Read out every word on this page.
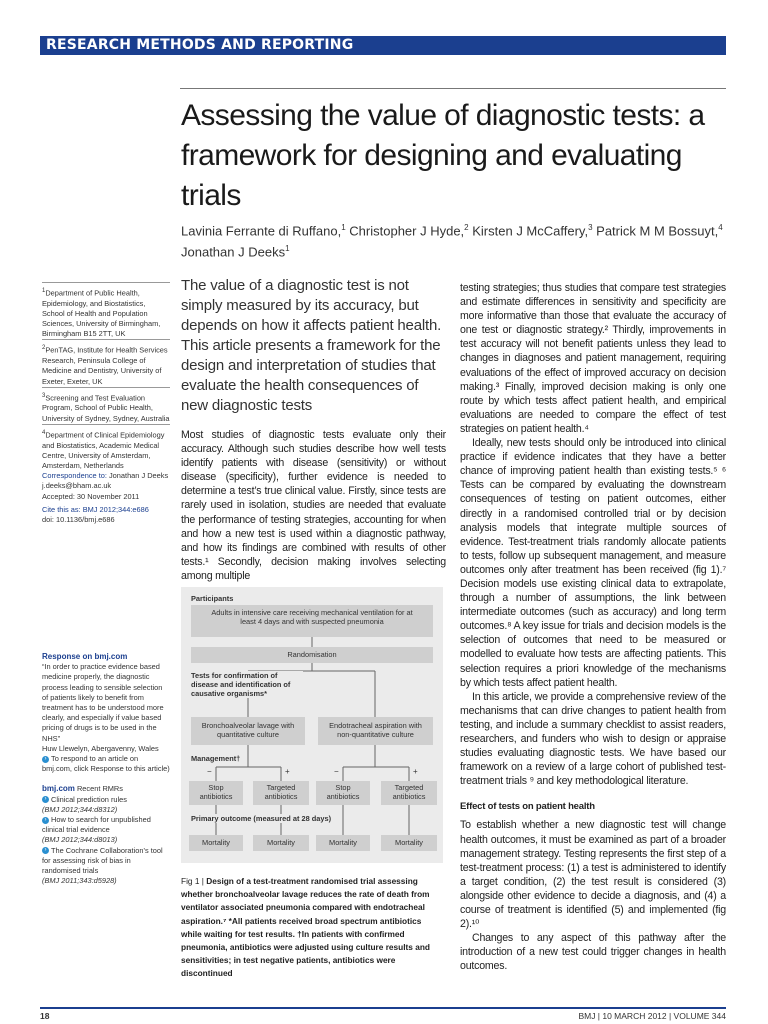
RESEARCH METHODS AND REPORTING
Assessing the value of diagnostic tests: a framework for designing and evaluating trials
Lavinia Ferrante di Ruffano,$^1$ Christopher J Hyde,$^2$ Kirsten J McCaffery,$^3$ Patrick M M Bossuyt,$^4$
Jonathan J Deeks$^1$

$^1$Department of Public Health, Epidemiology, and Biostatistics, School of Health and Population Sciences, University of Birmingham, Birmingham B15 2TT, UK

$^2$PenTAG, Institute for Health Services Research, Peninsula College of Medicine and Dentistry, University of Exeter, Exeter, UK

$^3$Screening and Test Evaluation Program, School of Public Health, University of Sydney, Sydney, Australia

$^4$Department of Clinical Epidemiology and Biostatistics, Academic Medical Centre, University of Amsterdam, Amsterdam, Netherlands

Correspondence to: Jonathan J Deeks j.deeks@bham.ac.uk

Accepted: 30 November 2011

Cite this as: BMJ 2012;344:e686

doi: 10.1136/bmj.e686

Response on bmj.com

“In order to practice evidence based medicine properly, the diagnostic process leading to sensible selection of patients likely to benefit from treatment has to be understood more clearly, and especially if value based pricing of drugs is to be used in the NHS”

Huw Llewelyn, Abergavenny, Wales

› To respond to an article on bmj.com, click Response to this article)

bmj.com Recent RMRs

› Clinical prediction rules
(BMJ 2012;344:d8312)

› How to search for unpublished clinical trial evidence
(BMJ 2012;344:d8013)

› The Cochrane Collaboration’s tool for assessing risk of bias in randomised trials
(BMJ 2011;343:d5928)

The value of a diagnostic test is not simply measured by its accuracy, but depends on how it affects patient health. This article presents a framework for the design and interpretation of studies that evaluate the health consequences of new diagnostic tests

Most studies of diagnostic tests evaluate only their accuracy. Although such studies describe how well tests identify patients with disease (sensitivity) or without disease (specificity), further evidence is needed to determine a test’s true clinical value. Firstly, since tests are rarely used in isolation, studies are needed that evaluate the performance of testing strategies, accounting for when and how a new test is used within a diagnostic pathway, and how its findings are combined with results of other tests.¹ Secondly, decision making involves selecting among multiple

Participants
Adults in intensive care receiving mechanical ventilation for at least 4 days and with suspected pneumonia
Randomisation
Tests for confirmation of disease and identification of causative organisms*
Bronchoalveolar lavage with quantitative culture
Endotracheal aspiration with non-quantitative culture
Management†
−	+	−	+
Stop antibiotics
Targeted antibiotics
Stop antibiotics
Targeted antibiotics
Primary outcome (measured at 28 days)
Mortality	Mortality	Mortality	Mortality
Fig 1 | Design of a test-treatment randomised trial assessing whether bronchoalveolar lavage reduces the rate of death from ventilator associated pneumonia compared with endotracheal aspiration.⁷ *All patients received broad spectrum antibiotics while waiting for test results. †In patients with confirmed pneumonia, antibiotics were adjusted using culture results and sensitivities; in test negative patients, antibiotics were discontinued

testing strategies; thus studies that compare test strategies and estimate differences in sensitivity and specificity are more informative than those that evaluate the accuracy of one test or diagnostic strategy.² Thirdly, improvements in test accuracy will not benefit patients unless they lead to changes in diagnoses and patient management, requiring evaluations of the effect of improved accuracy on decision making.³ Finally, improved decision making is only one route by which tests affect patient health, and empirical evaluations are needed to compare the effect of test strategies on patient health.⁴

Ideally, new tests should only be introduced into clinical practice if evidence indicates that they have a better chance of improving patient health than existing tests.⁵ ⁶ Tests can be compared by evaluating the downstream consequences of testing on patient outcomes, either directly in a randomised controlled trial or by decision analysis models that integrate multiple sources of evidence. Test-treatment trials randomly allocate patients to tests, follow up subsequent management, and measure outcomes only after treatment has been received (fig 1).⁷ Decision models use existing clinical data to extrapolate, through a number of assumptions, the link between intermediate outcomes (such as accuracy) and long term outcomes.⁸ A key issue for trials and decision models is the selection of outcomes that need to be measured or modelled to evaluate how tests are affecting patients. This selection requires a priori knowledge of the mechanisms by which tests affect patient health.

In this article, we provide a comprehensive review of the mechanisms that can drive changes to patient health from testing, and include a summary checklist to assist readers, researchers, and funders who wish to design or appraise studies evaluating diagnostic tests. We have based our framework on a review of a large cohort of published test-treatment trials ⁹ and key methodological literature.

Effect of tests on patient health

To establish whether a new diagnostic test will change health outcomes, it must be examined as part of a broader management strategy. Testing represents the first step of a test-treatment process: (1) a test is administered to identify a target condition, (2) the test result is considered (3) alongside other evidence to decide a diagnosis, and (4) a course of treatment is identified (5) and implemented (fig 2).¹⁰

Changes to any aspect of this pathway after the introduction of a new test could trigger changes in health outcomes.

18	BMJ | 10 MARCH 2012 | VOLUME 344
